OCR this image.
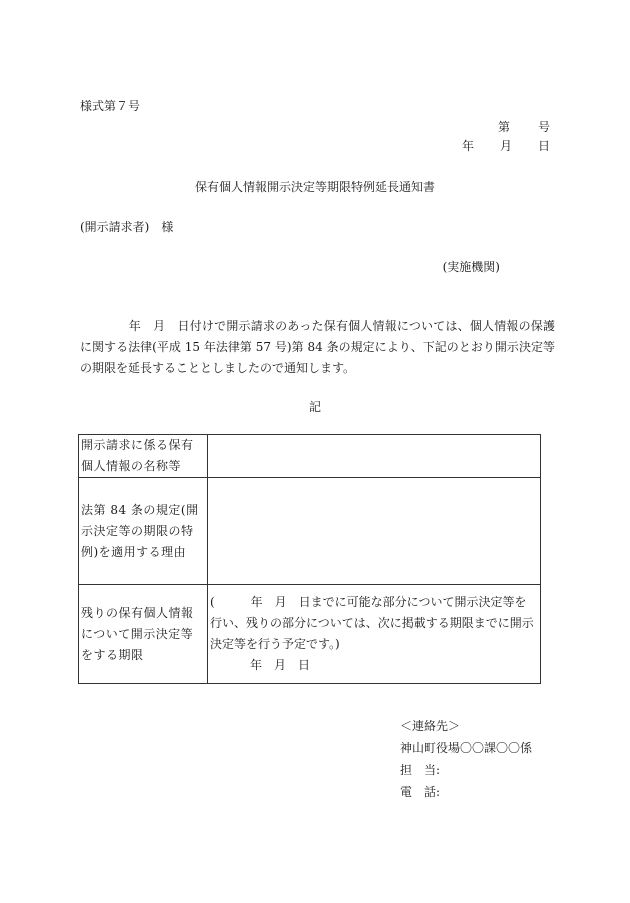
様式第７号
第 号
年 月 日
保有個人情報開示決定等期限特例延長通知書
(開示請求者)　様
(実施機関)
　　　　年　月　日付けで開示請求のあった保有個人情報については、個人情報の保護に関する法律(平成 15 年法律第 57 号)第 84 条の規定により、下記のとおり開示決定等の期限を延長することとしましたので通知します。
記
開示請求に係る保有個人情報の名称等	
法第 84 条の規定(開示決定等の期限の特例)を適用する理由	
残りの保有個人情報について開示決定等をする期限	(　　　年　月　日までに可能な部分について開示決定等を行い、残りの部分については、次に掲載する期限までに開示決定等を行う予定です。)
年　月　日
＜連絡先＞
神山町役場〇〇課〇〇係
担　当:
電　話:
